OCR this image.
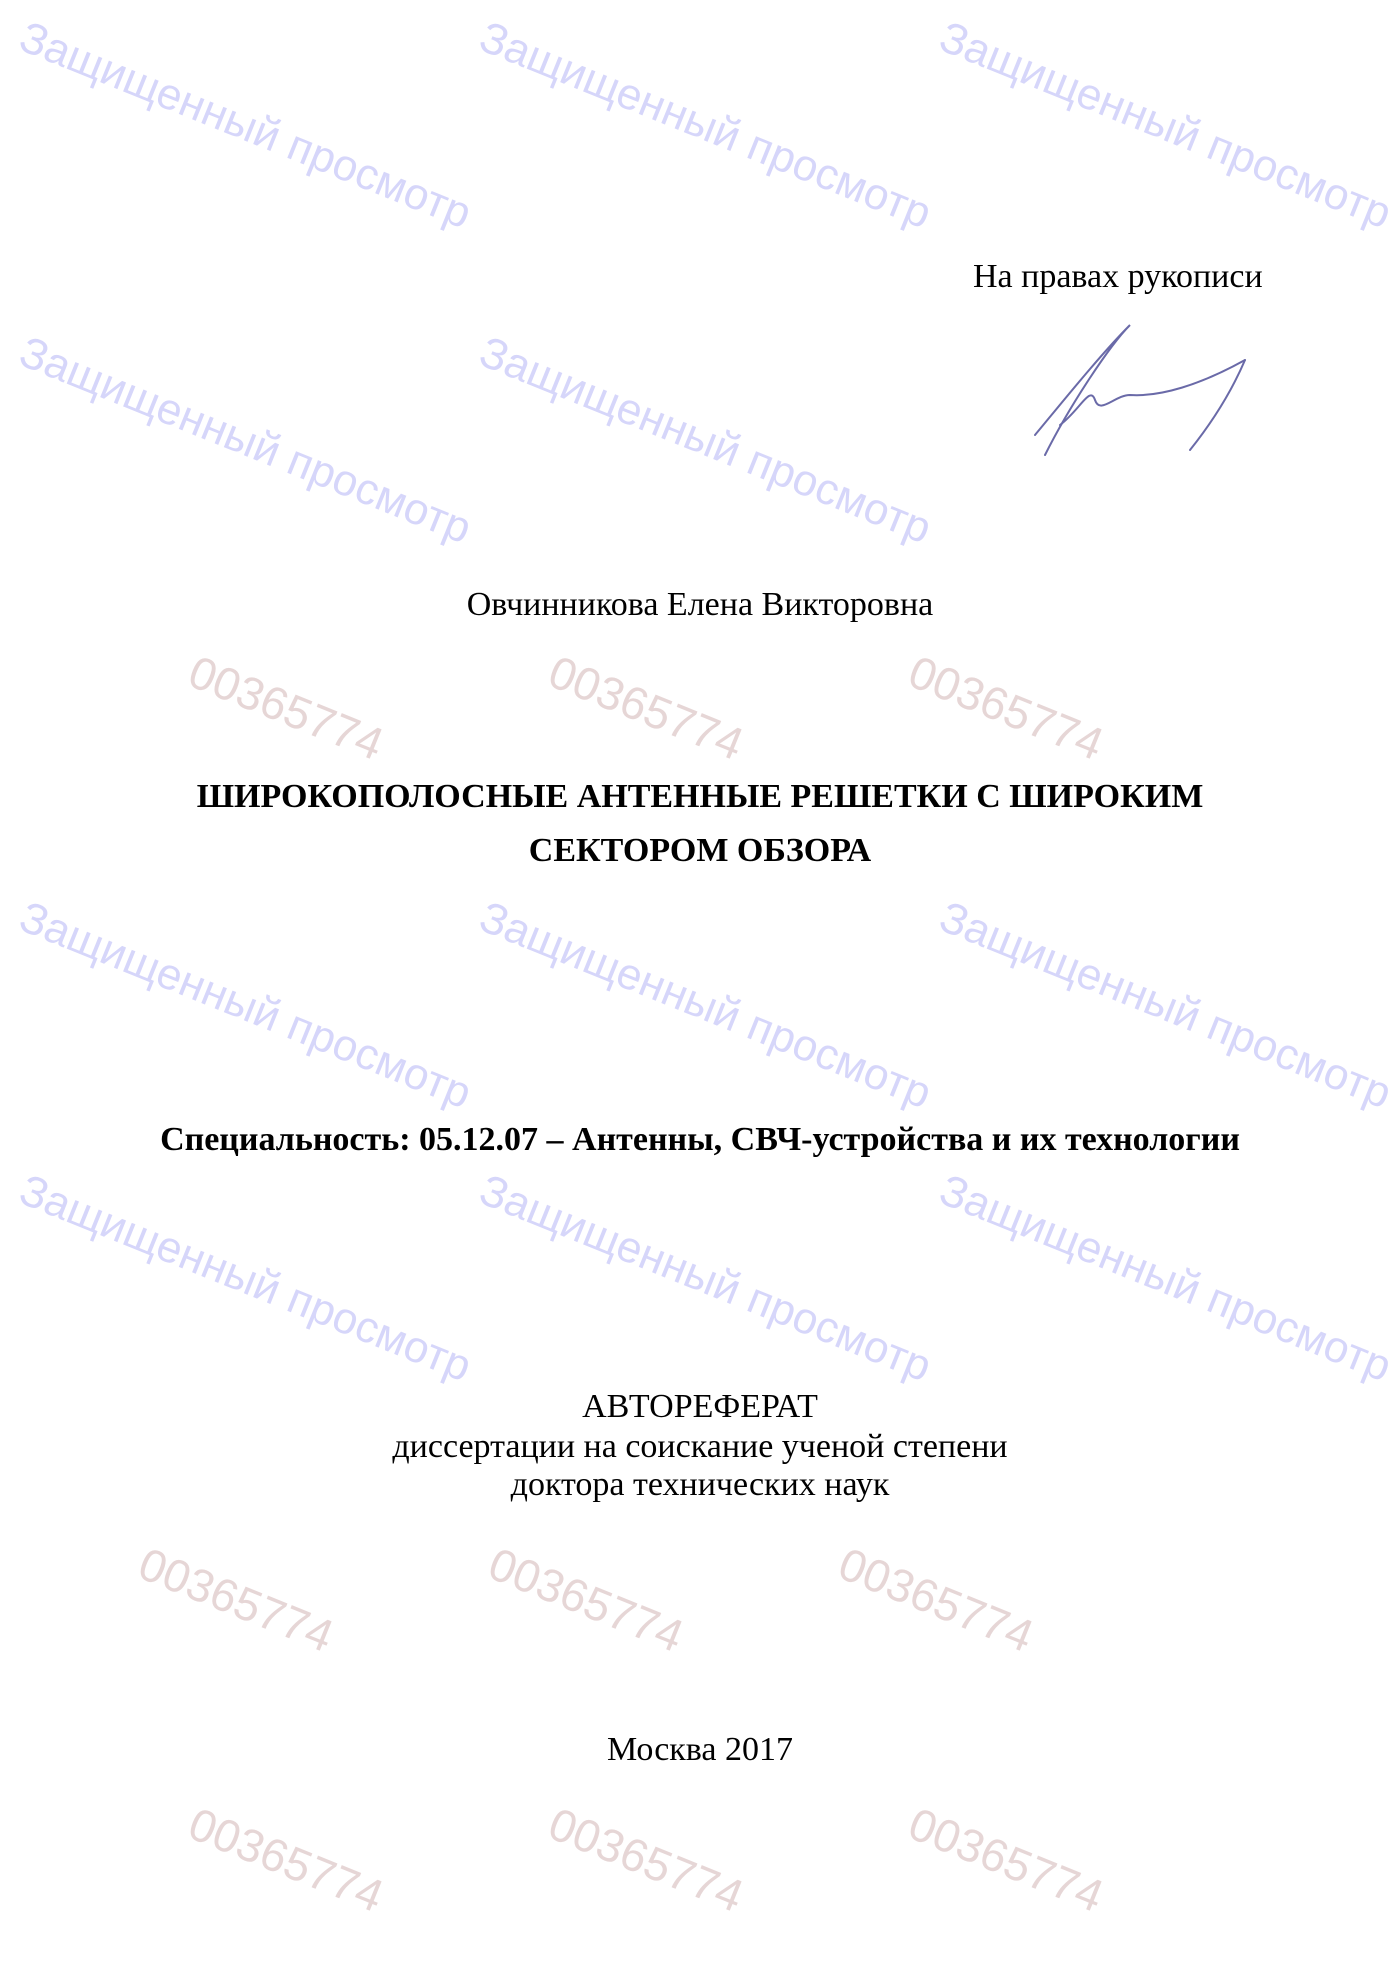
На правах рукописи
Овчинникова Елена Викторовна
ШИРОКОПОЛОСНЫЕ АНТЕННЫЕ РЕШЕТКИ С ШИРОКИМ
СЕКТОРОМ ОБЗОРА
Специальность: 05.12.07 – Антенны, СВЧ-устройства и их технологии
АВТОРЕФЕРАТ
диссертации на соискание ученой степени
доктора технических наук
Москва 2017
Защищенный просмотр
Защищенный просмотр
Защищенный просмотр
Защищенный просмотр
Защищенный просмотр
Защищенный просмотр
Защищенный просмотр
Защищенный просмотр
Защищенный просмотр
Защищенный просмотр
Защищенный просмотр
00365774	00365774	00365774
00365774	00365774	00365774
00365774	00365774	00365774
